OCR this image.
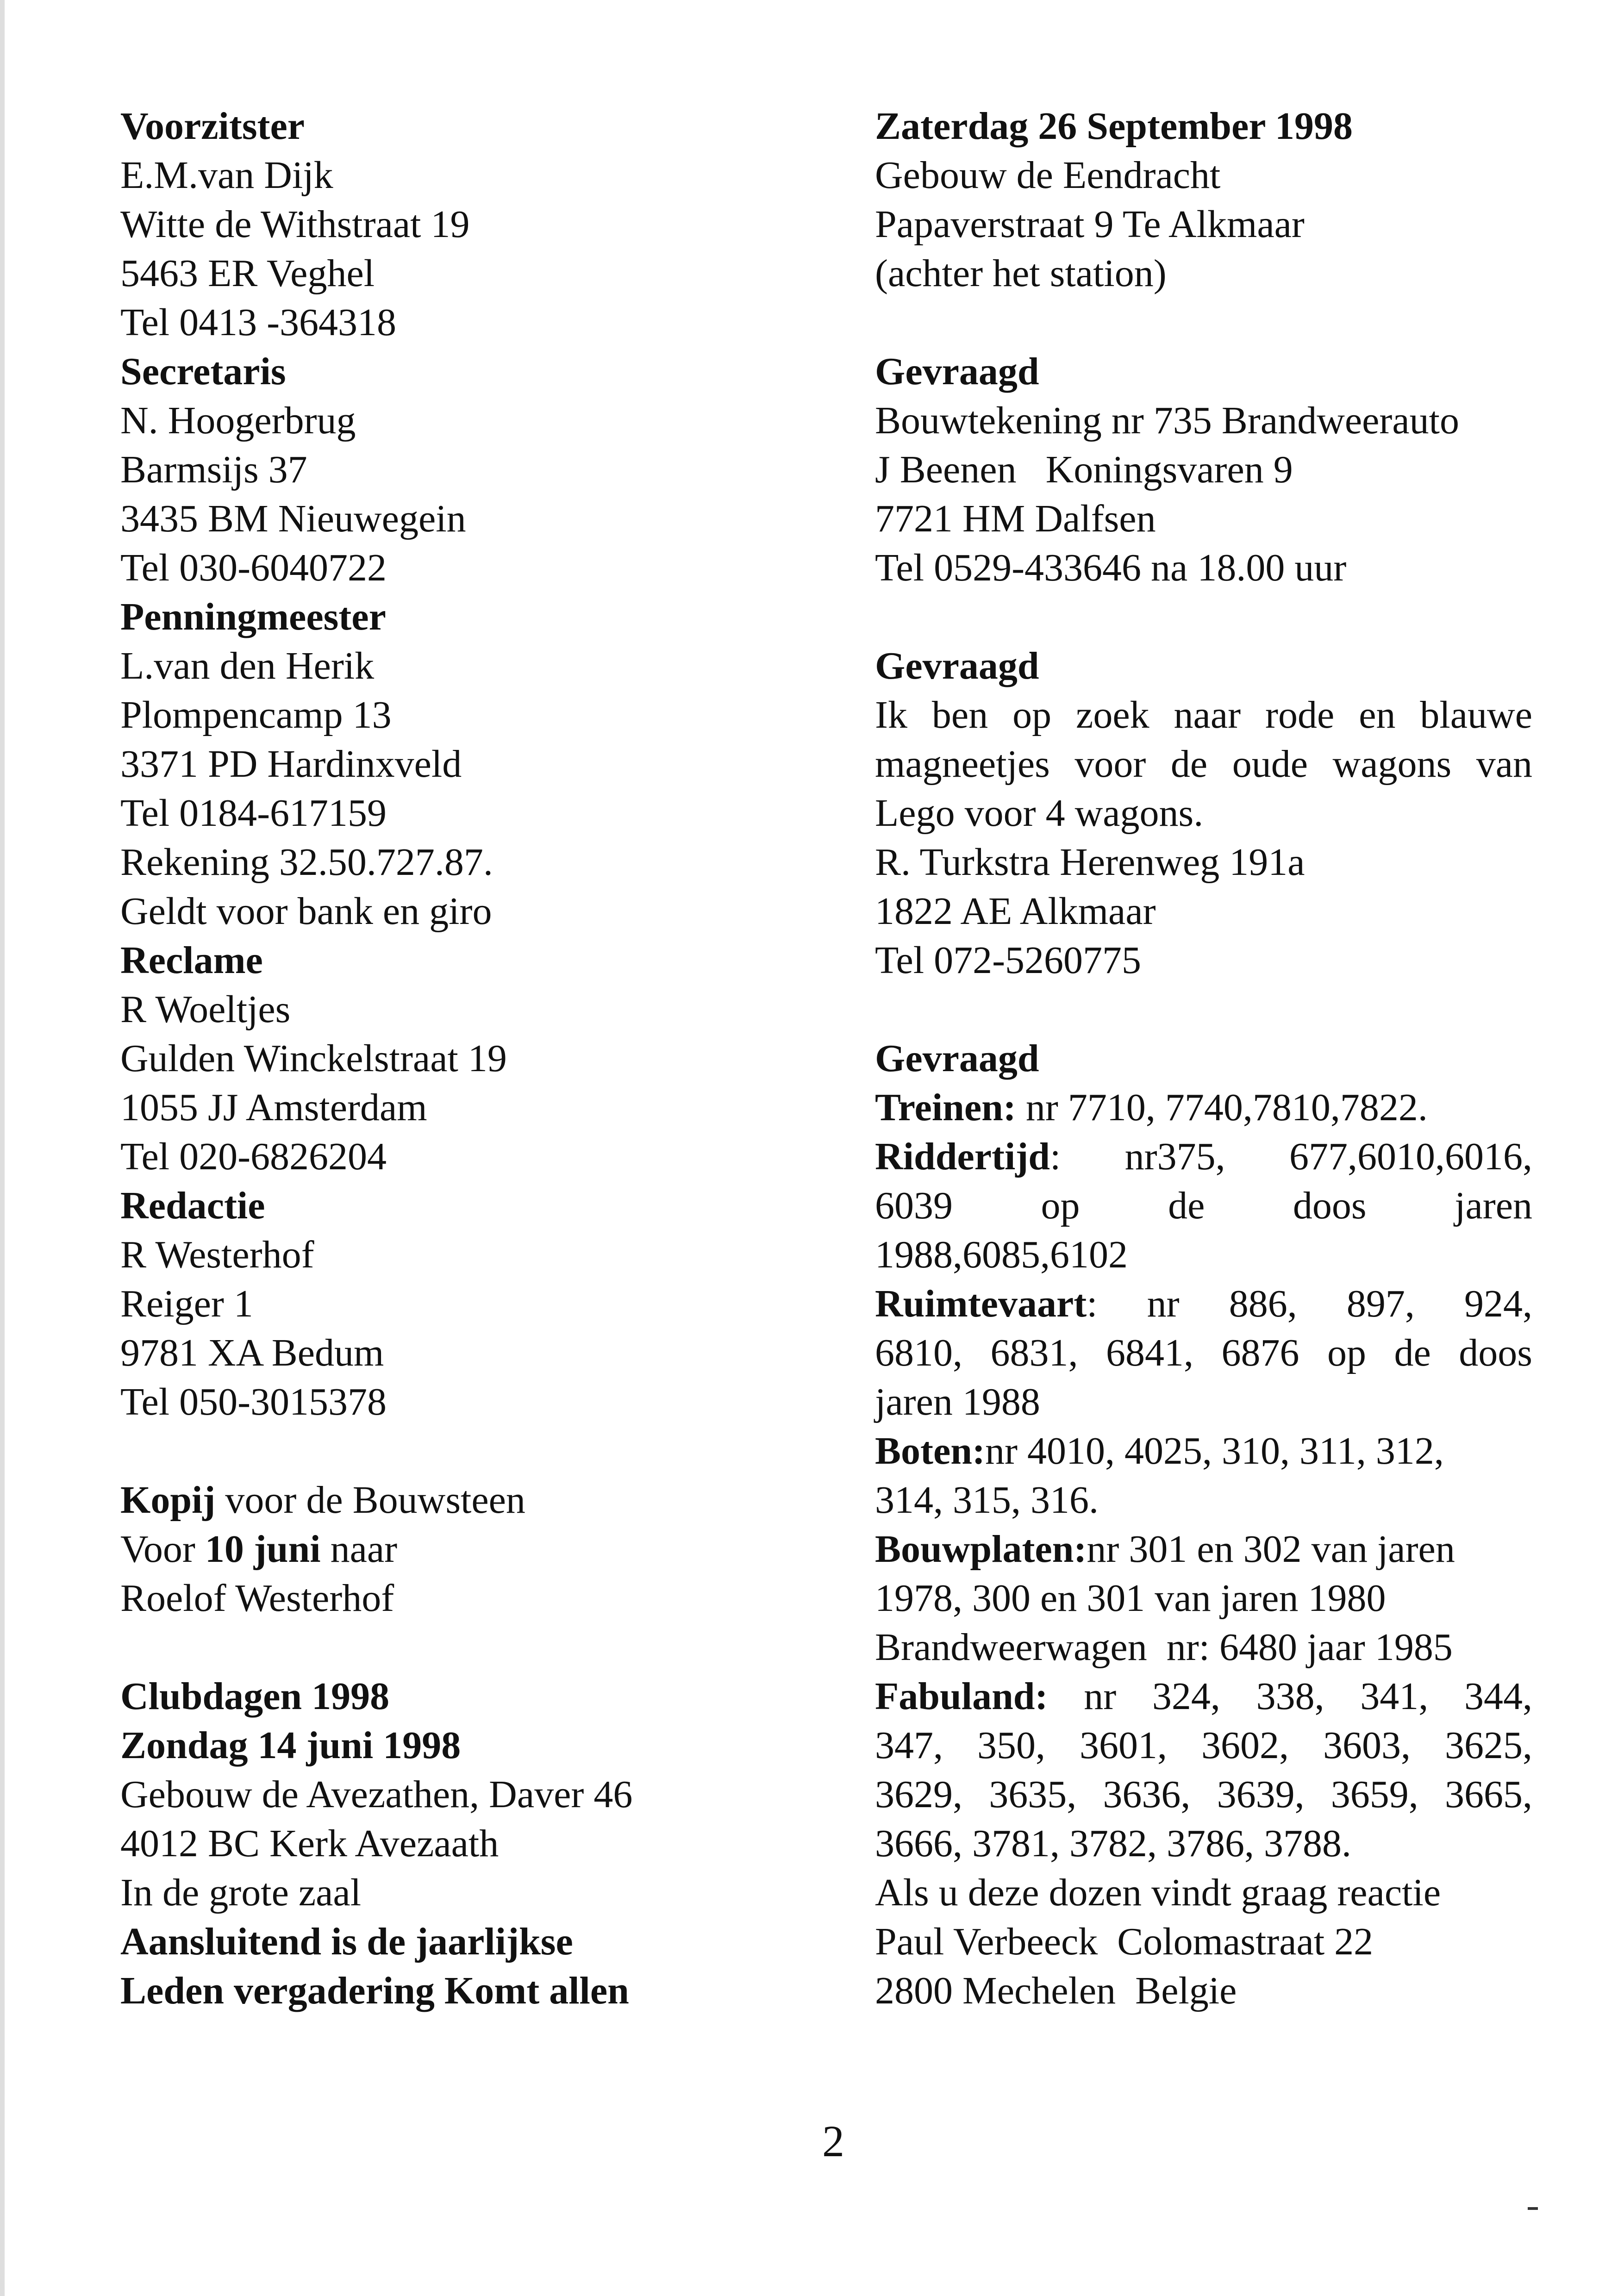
Voorzitster
E.M.van Dijk
Witte de Withstraat 19
5463 ER Veghel
Tel 0413 -364318
Secretaris
N. Hoogerbrug
Barmsijs 37
3435 BM Nieuwegein
Tel 030-6040722
Penningmeester
L.van den Herik
Plompencamp 13
3371 PD Hardinxveld
Tel 0184-617159
Rekening 32.50.727.87.
Geldt voor bank en giro
Reclame
R Woeltjes
Gulden Winckelstraat 19
1055 JJ Amsterdam
Tel 020-6826204
Redactie
R Westerhof
Reiger 1
9781 XA Bedum
Tel 050-3015378
Kopij voor de Bouwsteen
Voor 10 juni naar
Roelof Westerhof
Clubdagen 1998
Zondag 14 juni 1998
Gebouw de Avezathen, Daver 46
4012 BC Kerk Avezaath
In de grote zaal
Aansluitend is de jaarlijkse
Leden vergadering Komt allen
Zaterdag 26 September 1998
Gebouw de Eendracht
Papaverstraat 9 Te Alkmaar
(achter het station)
Gevraagd
Bouwtekening nr 735 Brandweerauto
J Beenen   Koningsvaren 9
7721 HM Dalfsen
Tel 0529-433646 na 18.00 uur
Gevraagd
Ik ben op zoek naar rode en blauwe
magneetjes voor de oude wagons van
Lego voor 4 wagons.
R. Turkstra Herenweg 191a
1822 AE Alkmaar
Tel 072-5260775
Gevraagd
Treinen: nr 7710, 7740,7810,7822.
Riddertijd: nr375, 677,6010,6016,
6039 op de doos jaren
1988,6085,6102
Ruimtevaart: nr 886, 897, 924,
6810, 6831, 6841, 6876 op de doos
jaren 1988
Boten:nr 4010, 4025, 310, 311, 312,
314, 315, 316.
Bouwplaten:nr 301 en 302 van jaren
1978, 300 en 301 van jaren 1980
Brandweerwagen  nr: 6480 jaar 1985
Fabuland: nr 324, 338, 341, 344,
347, 350, 3601, 3602, 3603, 3625,
3629, 3635, 3636, 3639, 3659, 3665,
3666, 3781, 3782, 3786, 3788.
Als u deze dozen vindt graag reactie
Paul Verbeeck  Colomastraat 22
2800 Mechelen  Belgie
2
